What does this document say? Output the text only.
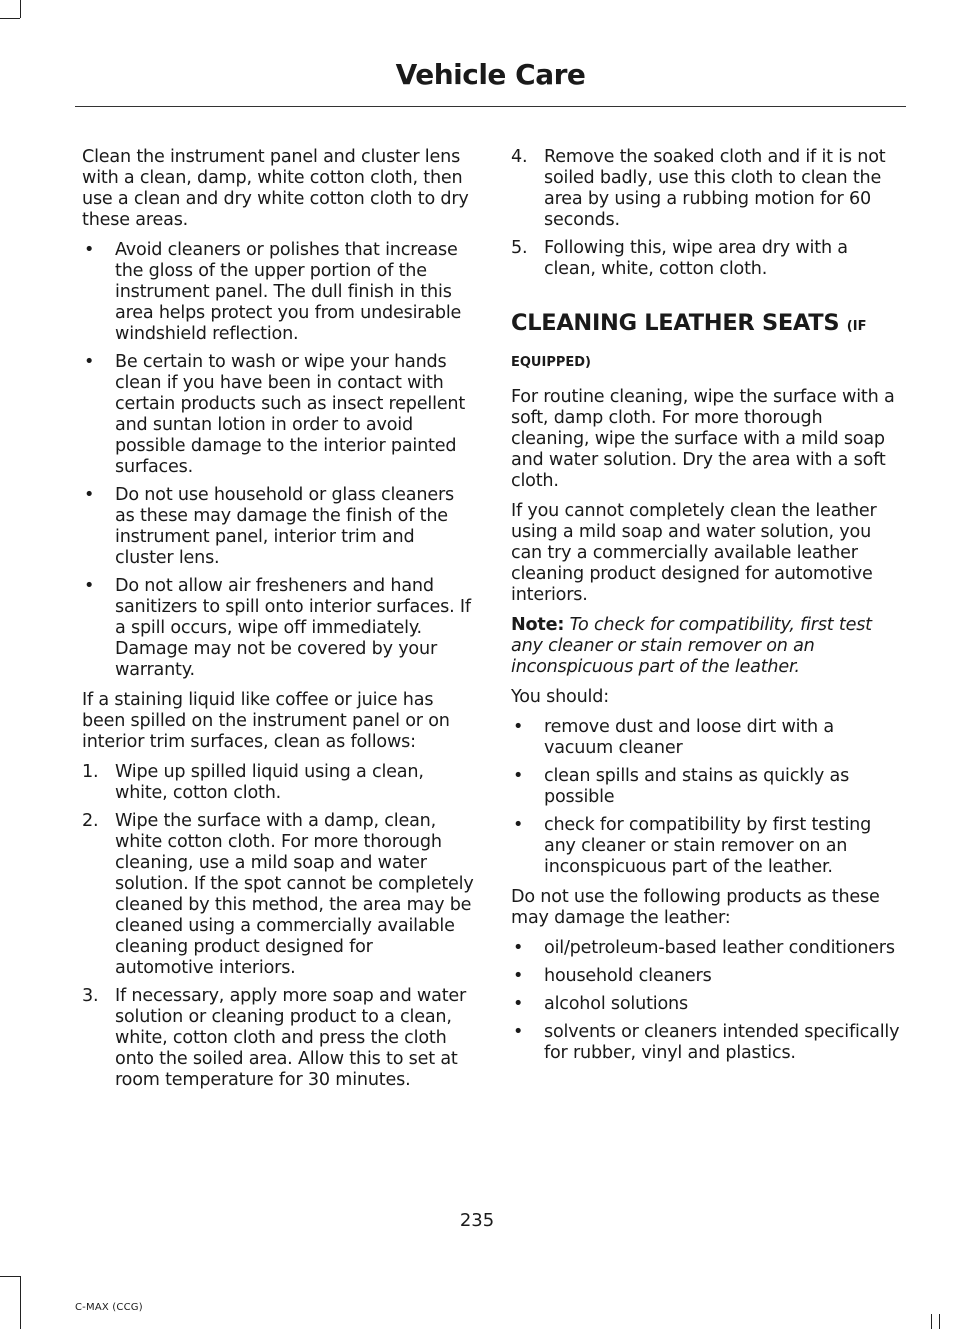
Vehicle Care

Clean the instrument panel and cluster lens with a clean, damp, white cotton cloth, then use a clean and dry white cotton cloth to dry these areas.

• Avoid cleaners or polishes that increase the gloss of the upper portion of the instrument panel. The dull finish in this area helps protect you from undesirable windshield reflection.
• Be certain to wash or wipe your hands clean if you have been in contact with certain products such as insect repellent and suntan lotion in order to avoid possible damage to the interior painted surfaces.
• Do not use household or glass cleaners as these may damage the finish of the instrument panel, interior trim and cluster lens.
• Do not allow air fresheners and hand sanitizers to spill onto interior surfaces. If a spill occurs, wipe off immediately. Damage may not be covered by your warranty.

If a staining liquid like coffee or juice has been spilled on the instrument panel or on interior trim surfaces, clean as follows:

1. Wipe up spilled liquid using a clean, white, cotton cloth.
2. Wipe the surface with a damp, clean, white cotton cloth. For more thorough cleaning, use a mild soap and water solution. If the spot cannot be completely cleaned by this method, the area may be cleaned using a commercially available cleaning product designed for automotive interiors.
3. If necessary, apply more soap and water solution or cleaning product to a clean, white, cotton cloth and press the cloth onto the soiled area. Allow this to set at room temperature for 30 minutes.
4. Remove the soaked cloth and if it is not soiled badly, use this cloth to clean the area by using a rubbing motion for 60 seconds.
5. Following this, wipe area dry with a clean, white, cotton cloth.
CLEANING LEATHER SEATS (IF EQUIPPED)

For routine cleaning, wipe the surface with a soft, damp cloth. For more thorough cleaning, wipe the surface with a mild soap and water solution. Dry the area with a soft cloth.

If you cannot completely clean the leather using a mild soap and water solution, you can try a commercially available leather cleaning product designed for automotive interiors.

Note: To check for compatibility, first test any cleaner or stain remover on an inconspicuous part of the leather.

You should:

• remove dust and loose dirt with a vacuum cleaner
• clean spills and stains as quickly as possible
• check for compatibility by first testing any cleaner or stain remover on an inconspicuous part of the leather.

Do not use the following products as these may damage the leather:

• oil/petroleum-based leather conditioners
• household cleaners
• alcohol solutions
• solvents or cleaners intended specifically for rubber, vinyl and plastics.
235
C-MAX (CCG)
